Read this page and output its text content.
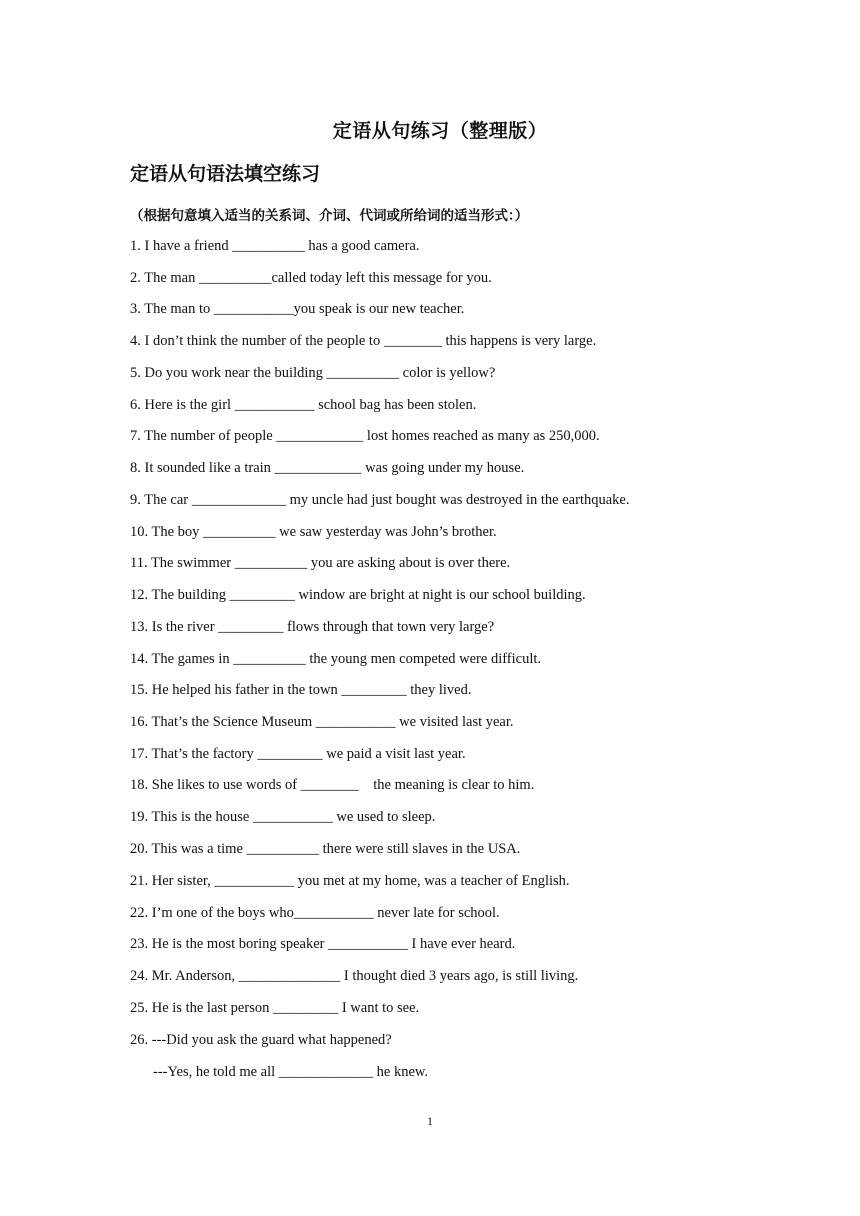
定语从句练习（整理版）
定语从句语法填空练习
（根据句意填入适当的关系词、介词、代词或所给词的适当形式：）
1. I have a friend __________ has a good camera.
2. The man __________called today left this message for you.
3. The man to ___________you speak is our new teacher.
4. I don’t think the number of the people to ________ this happens is very large.
5. Do you work near the building __________ color is yellow?
6. Here is the girl ___________ school bag has been stolen.
7. The number of people ____________ lost homes reached as many as 250,000.
8. It sounded like a train ____________ was going under my house.
9. The car _____________ my uncle had just bought was destroyed in the earthquake.
10. The boy __________ we saw yesterday was John’s brother.
11. The swimmer __________ you are asking about is over there.
12. The building _________ window are bright at night is our school building.
13. Is the river _________ flows through that town very large?
14. The games in __________ the young men competed were difficult.
15. He helped his father in the town _________ they lived.
16. That’s the Science Museum ___________ we visited last year.
17. That’s the factory _________ we paid a visit last year.
18. She likes to use words of ________    the meaning is clear to him.
19. This is the house ___________ we used to sleep.
20. This was a time __________ there were still slaves in the USA.
21. Her sister, ___________ you met at my home, was a teacher of English.
22. I’m one of the boys who___________ never late for school.
23. He is the most boring speaker ___________ I have ever heard.
24. Mr. Anderson, ______________ I thought died 3 years ago, is still living.
25. He is the last person _________ I want to see.
26. ---Did you ask the guard what happened?
---Yes, he told me all _____________ he knew.
1
